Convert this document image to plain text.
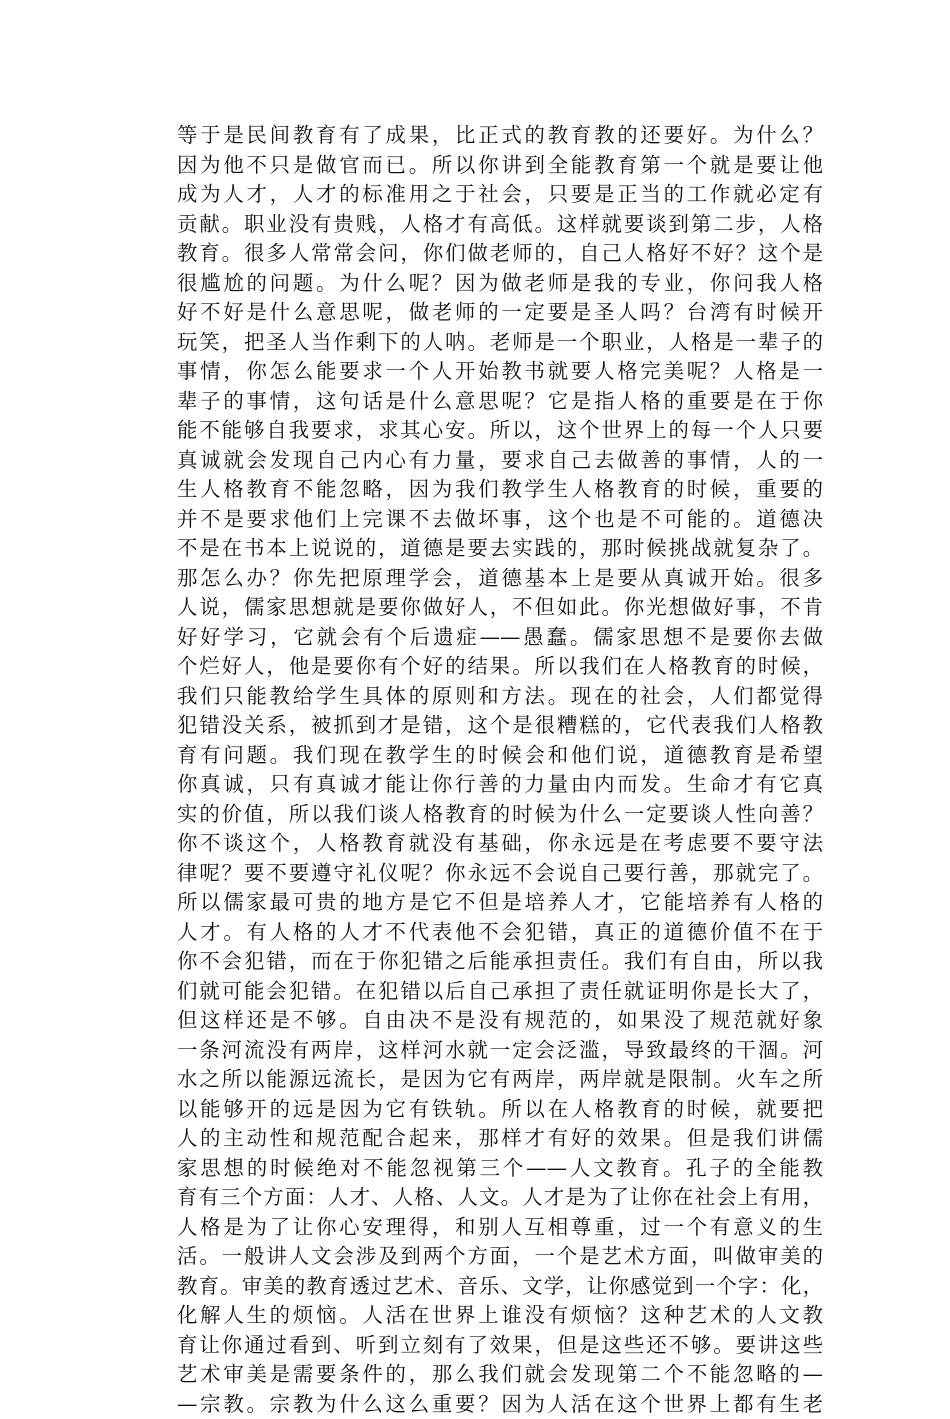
等于是民间教育有了成果，比正式的教育教的还要好。为什么？
因为他不只是做官而已。所以你讲到全能教育第一个就是要让他
成为人才，人才的标准用之于社会，只要是正当的工作就必定有
贡献。职业没有贵贱，人格才有高低。这样就要谈到第二步，人格
教育。很多人常常会问，你们做老师的，自己人格好不好？这个是
很尴尬的问题。为什么呢？因为做老师是我的专业，你问我人格
好不好是什么意思呢，做老师的一定要是圣人吗？台湾有时候开
玩笑，把圣人当作剩下的人呐。老师是一个职业，人格是一辈子的
事情，你怎么能要求一个人开始教书就要人格完美呢？人格是一
辈子的事情，这句话是什么意思呢？它是指人格的重要是在于你
能不能够自我要求，求其心安。所以，这个世界上的每一个人只要
真诚就会发现自己内心有力量，要求自己去做善的事情，人的一
生人格教育不能忽略，因为我们教学生人格教育的时候，重要的
并不是要求他们上完课不去做坏事，这个也是不可能的。道德决
不是在书本上说说的，道德是要去实践的，那时候挑战就复杂了。
那怎么办？你先把原理学会，道德基本上是要从真诚开始。很多
人说，儒家思想就是要你做好人，不但如此。你光想做好事，不肯
好好学习，它就会有个后遗症——愚蠢。儒家思想不是要你去做
个烂好人，他是要你有个好的结果。所以我们在人格教育的时候，
我们只能教给学生具体的原则和方法。现在的社会，人们都觉得
犯错没关系，被抓到才是错，这个是很糟糕的，它代表我们人格教
育有问题。我们现在教学生的时候会和他们说，道德教育是希望
你真诚，只有真诚才能让你行善的力量由内而发。生命才有它真
实的价值，所以我们谈人格教育的时候为什么一定要谈人性向善？
你不谈这个，人格教育就没有基础，你永远是在考虑要不要守法
律呢？要不要遵守礼仪呢？你永远不会说自己要行善，那就完了。
所以儒家最可贵的地方是它不但是培养人才，它能培养有人格的
人才。有人格的人才不代表他不会犯错，真正的道德价值不在于
你不会犯错，而在于你犯错之后能承担责任。我们有自由，所以我
们就可能会犯错。在犯错以后自己承担了责任就证明你是长大了，
但这样还是不够。自由决不是没有规范的，如果没了规范就好象
一条河流没有两岸，这样河水就一定会泛滥，导致最终的干涸。河
水之所以能源远流长，是因为它有两岸，两岸就是限制。火车之所
以能够开的远是因为它有铁轨。所以在人格教育的时候，就要把
人的主动性和规范配合起来，那样才有好的效果。但是我们讲儒
家思想的时候绝对不能忽视第三个——人文教育。孔子的全能教
育有三个方面：人才、人格、人文。人才是为了让你在社会上有用，
人格是为了让你心安理得，和别人互相尊重，过一个有意义的生
活。一般讲人文会涉及到两个方面，一个是艺术方面，叫做审美的
教育。审美的教育透过艺术、音乐、文学，让你感觉到一个字：化，
化解人生的烦恼。人活在世界上谁没有烦恼？这种艺术的人文教
育让你通过看到、听到立刻有了效果，但是这些还不够。要讲这些
艺术审美是需要条件的，那么我们就会发现第二个不能忽略的—
—宗教。宗教为什么这么重要？因为人活在这个世界上都有生老
